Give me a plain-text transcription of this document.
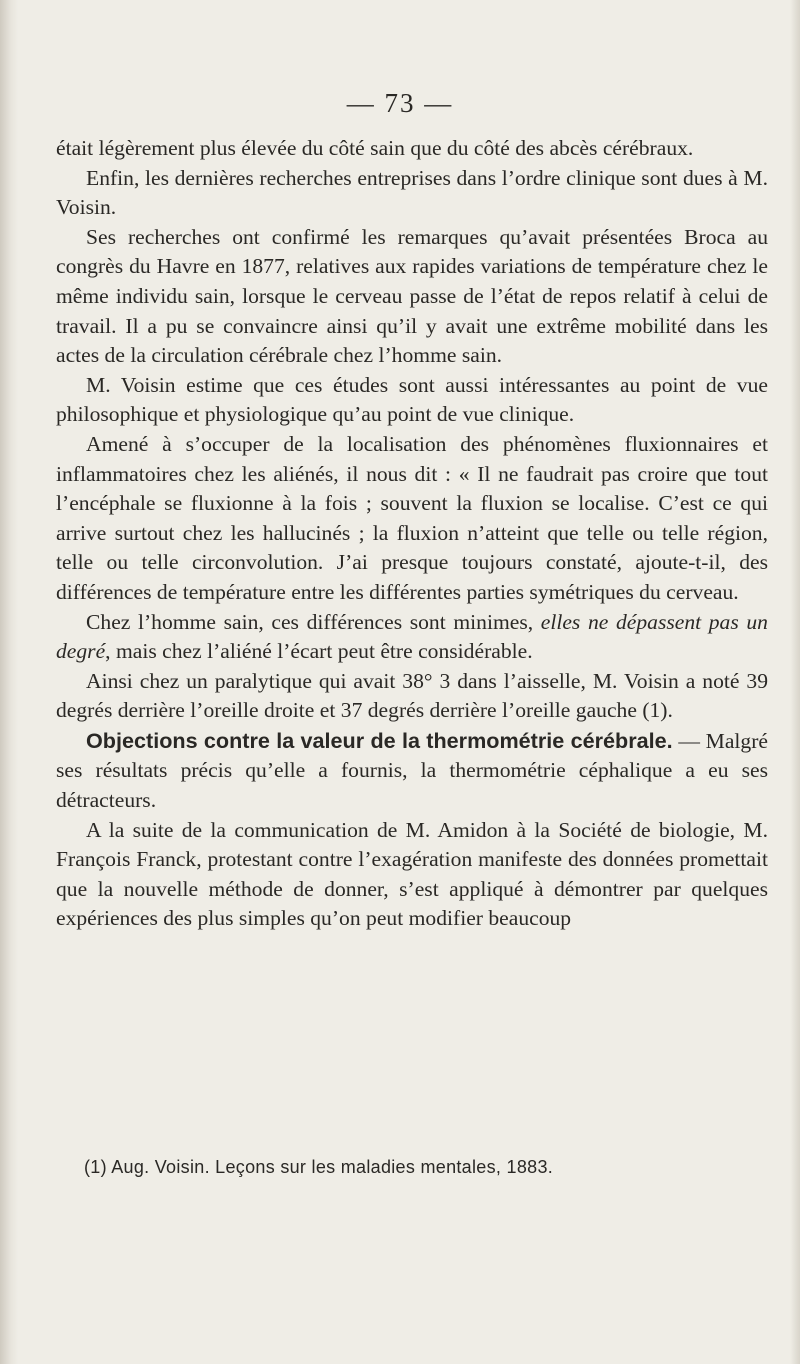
— 73 —

était légèrement plus élevée du côté sain que du côté des abcès cérébraux.

Enfin, les dernières recherches entreprises dans l’ordre clinique sont dues à M. Voisin.

Ses recherches ont confirmé les remarques qu’avait présentées Broca au congrès du Havre en 1877, relatives aux rapides variations de température chez le même individu sain, lorsque le cerveau passe de l’état de repos relatif à celui de travail. Il a pu se convaincre ainsi qu’il y avait une extrême mobilité dans les actes de la circulation cérébrale chez l’homme sain.

M. Voisin estime que ces études sont aussi intéressantes au point de vue philosophique et physiologique qu’au point de vue clinique.

Amené à s’occuper de la localisation des phénomènes fluxionnaires et inflammatoires chez les aliénés, il nous dit : « Il ne faudrait pas croire que tout l’encéphale se fluxionne à la fois ; souvent la fluxion se localise. C’est ce qui arrive surtout chez les hallucinés ; la fluxion n’atteint que telle ou telle région, telle ou telle circonvolution. J’ai presque toujours constaté, ajoute-t-il, des différences de température entre les différentes parties symétriques du cerveau.

Chez l’homme sain, ces différences sont minimes, elles ne dépassent pas un degré, mais chez l’aliéné l’écart peut être considérable.

Ainsi chez un paralytique qui avait 38° 3 dans l’aisselle, M. Voisin a noté 39 degrés derrière l’oreille droite et 37 degrés derrière l’oreille gauche (1).

Objections contre la valeur de la thermométrie cérébrale. — Malgré ses résultats précis qu’elle a fournis, la thermométrie céphalique a eu ses détracteurs.

A la suite de la communication de M. Amidon à la Société de biologie, M. François Franck, protestant contre l’exagération manifeste des données promettait que la nouvelle méthode de donner, s’est appliqué à démontrer par quelques expériences des plus simples qu’on peut modifier beaucoup

(1) Aug. Voisin. Leçons sur les maladies mentales, 1883.
